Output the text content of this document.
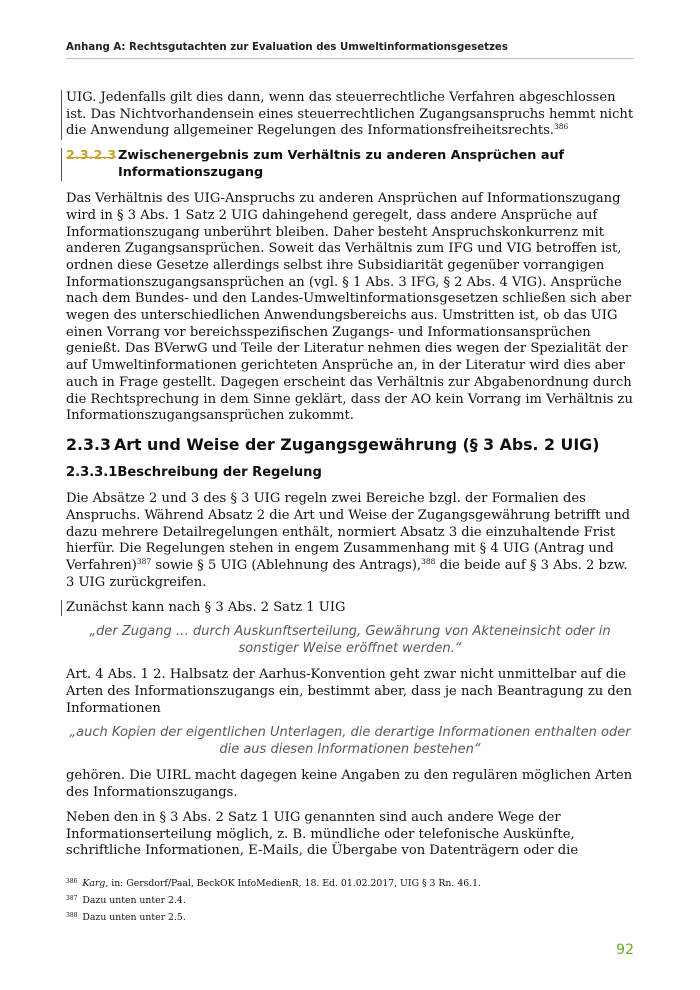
Anhang A: Rechtsgutachten zur Evaluation des Umweltinformationsgesetzes

UIG. Jedenfalls gilt dies dann, wenn das steuerrechtliche Verfahren abgeschlossen ist. Das Nichtvorhandensein eines steuerrechtlichen Zugangsanspruchs hemmt nicht die Anwendung allgemeiner Regelungen des Informationsfreiheitsrechts.$^{386}$

2.3.2.3 Zwischenergebnis zum Verhältnis zu anderen Ansprüchen auf Informationszugang

Das Verhältnis des UIG-Anspruchs zu anderen Ansprüchen auf Informationszugang wird in § 3 Abs. 1 Satz 2 UIG dahingehend geregelt, dass andere Ansprüche auf Informationszugang unberührt bleiben. Daher besteht Anspruchskonkurrenz mit anderen Zugangsansprüchen. Soweit das Verhältnis zum IFG und VIG betroffen ist, ordnen diese Gesetze allerdings selbst ihre Subsidiarität gegenüber vorrangigen Informationszugangsansprüchen an (vgl. § 1 Abs. 3 IFG, § 2 Abs. 4 VIG). Ansprüche nach dem Bundes- und den Landes-Umweltinformationsgesetzen schließen sich aber wegen des unterschiedlichen Anwendungsbereichs aus. Umstritten ist, ob das UIG einen Vorrang vor bereichsspezifischen Zugangs- und Informationsansprüchen genießt. Das BVerwG und Teile der Literatur nehmen dies wegen der Spezialität der auf Umweltinformationen gerichteten Ansprüche an, in der Literatur wird dies aber auch in Frage gestellt. Dagegen erscheint das Verhältnis zur Abgabenordnung durch die Rechtsprechung in dem Sinne geklärt, dass der AO kein Vorrang im Verhältnis zu Informationszugangsansprüchen zukommt.

2.3.3 Art und Weise der Zugangsgewährung (§ 3 Abs. 2 UIG)
2.3.3.1Beschreibung der Regelung

Die Absätze 2 und 3 des § 3 UIG regeln zwei Bereiche bzgl. der Formalien des Anspruchs. Während Absatz 2 die Art und Weise der Zugangsgewährung betrifft und dazu mehrere Detailregelungen enthält, normiert Absatz 3 die einzuhaltende Frist hierfür. Die Regelungen stehen in engem Zusammenhang mit § 4 UIG (Antrag und Verfahren)$^{387}$ sowie § 5 UIG (Ablehnung des Antrags),$^{388}$ die beide auf § 3 Abs. 2 bzw. 3 UIG zurückgreifen.

Zunächst kann nach § 3 Abs. 2 Satz 1 UIG

„der Zugang … durch Auskunftserteilung, Gewährung von Akteneinsicht oder in sonstiger Weise eröffnet werden.“

Art. 4 Abs. 1 2. Halbsatz der Aarhus-Konvention geht zwar nicht unmittelbar auf die Arten des Informationszugangs ein, bestimmt aber, dass je nach Beantragung zu den Informationen

„auch Kopien der eigentlichen Unterlagen, die derartige Informationen enthalten oder die aus diesen Informationen bestehen“

gehören. Die UIRL macht dagegen keine Angaben zu den regulären möglichen Arten des Informationszugangs.

Neben den in § 3 Abs. 2 Satz 1 UIG genannten sind auch andere Wege der Informationserteilung möglich, z. B. mündliche oder telefonische Auskünfte, schriftliche Informationen, E-Mails, die Übergabe von Datenträgern oder die

$^{386}$ Karg, in: Gersdorf/Paal, BeckOK InfoMedienR, 18. Ed. 01.02.2017, UIG § 3 Rn. 46.1.
$^{387}$ Dazu unten unter 2.4.
$^{388}$ Dazu unten unter 2.5.
92
